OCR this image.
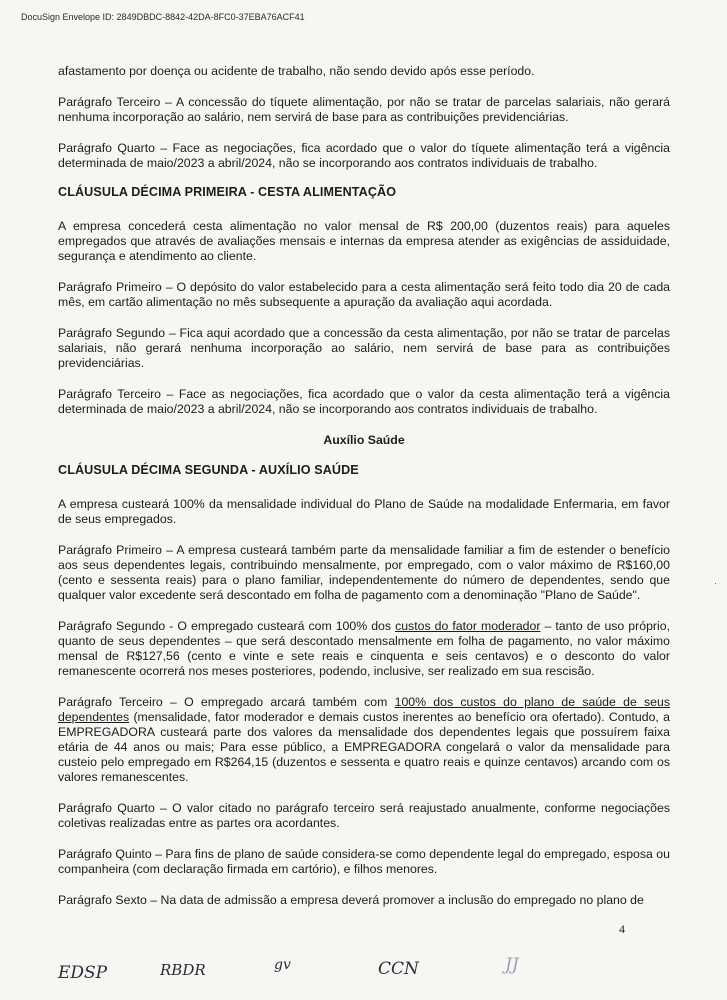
DocuSign Envelope ID: 2849DBDC-8842-42DA-8FC0-37EBA76ACF41

afastamento por doença ou acidente de trabalho, não sendo devido após esse período.

Parágrafo Terceiro – A concessão do tíquete alimentação, por não se tratar de parcelas salariais, não gerará nenhuma incorporação ao salário, nem servirá de base para as contribuições previdenciárias.

Parágrafo Quarto – Face as negociações, fica acordado que o valor do tíquete alimentação terá a vigência determinada de maio/2023 a abril/2024, não se incorporando aos contratos individuais de trabalho.

CLÁUSULA DÉCIMA PRIMEIRA - CESTA ALIMENTAÇÃO

A empresa concederá cesta alimentação no valor mensal de R$ 200,00 (duzentos reais) para aqueles empregados que através de avaliações mensais e internas da empresa atender as exigências de assiduidade, segurança e atendimento ao cliente.

Parágrafo Primeiro – O depósito do valor estabelecido para a cesta alimentação será feito todo dia 20 de cada mês, em cartão alimentação no mês subsequente a apuração da avaliação aqui acordada.

Parágrafo Segundo – Fica aqui acordado que a concessão da cesta alimentação, por não se tratar de parcelas salariais, não gerará nenhuma incorporação ao salário, nem servirá de base para as contribuições previdenciárias.

Parágrafo Terceiro – Face as negociações, fica acordado que o valor da cesta alimentação terá a vigência determinada de maio/2023 a abril/2024, não se incorporando aos contratos individuais de trabalho.

Auxílio Saúde
CLÁUSULA DÉCIMA SEGUNDA - AUXÍLIO SAÚDE

A empresa custeará 100% da mensalidade individual do Plano de Saúde na modalidade Enfermaria, em favor de seus empregados.

Parágrafo Primeiro – A empresa custeará também parte da mensalidade familiar a fim de estender o benefício aos seus dependentes legais, contribuindo mensalmente, por empregado, com o valor máximo de R$160,00 (cento e sessenta reais) para o plano familiar, independentemente do número de dependentes, sendo que qualquer valor excedente será descontado em folha de pagamento com a denominação "Plano de Saúde".

Parágrafo Segundo - O empregado custeará com 100% dos custos do fator moderador – tanto de uso próprio, quanto de seus dependentes – que será descontado mensalmente em folha de pagamento, no valor máximo mensal de R$127,56 (cento e vinte e sete reais e cinquenta e seis centavos) e o desconto do valor remanescente ocorrerá nos meses posteriores, podendo, inclusive, ser realizado em sua rescisão.

Parágrafo Terceiro – O empregado arcará também com 100% dos custos do plano de saúde de seus dependentes (mensalidade, fator moderador e demais custos inerentes ao benefício ora ofertado). Contudo, a EMPREGADORA custeará parte dos valores da mensalidade dos dependentes legais que possuírem faixa etária de 44 anos ou mais; Para esse público, a EMPREGADORA congelará o valor da mensalidade para custeio pelo empregado em R$264,15 (duzentos e sessenta e quatro reais e quinze centavos) arcando com os valores remanescentes.

Parágrafo Quarto – O valor citado no parágrafo terceiro será reajustado anualmente, conforme negociações coletivas realizadas entre as partes ora acordantes.

Parágrafo Quinto – Para fins de plano de saúde considera-se como dependente legal do empregado, esposa ou companheira (com declaração firmada em cartório), e filhos menores.

Parágrafo Sexto – Na data de admissão a empresa deverá promover a inclusão do empregado no plano de

·
4
EDSP	RBDR	gv	CCN	JJ
